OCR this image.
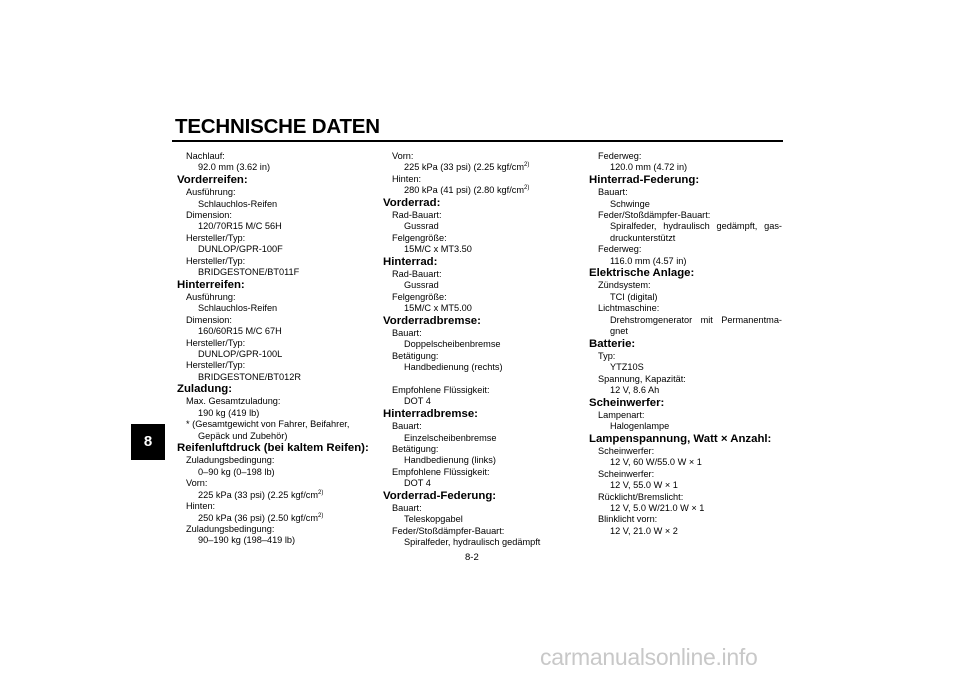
TECHNISCHE DATEN
8
Nachlauf:
92.0 mm (3.62 in)
Vorderreifen:
Ausführung:
Schlauchlos-Reifen
Dimension:
120/70R15 M/C 56H
Hersteller/Typ:
DUNLOP/GPR-100F
Hersteller/Typ:
BRIDGESTONE/BT011F
Hinterreifen:
Ausführung:
Schlauchlos-Reifen
Dimension:
160/60R15 M/C 67H
Hersteller/Typ:
DUNLOP/GPR-100L
Hersteller/Typ:
BRIDGESTONE/BT012R
Zuladung:
Max. Gesamtzuladung:
190 kg (419 lb)
* (Gesamtgewicht von Fahrer, Beifahrer,
Gepäck und Zubehör)
Reifenluftdruck (bei kaltem Reifen):
Zuladungsbedingung:
0–90 kg (0–198 lb)
Vorn:
225 kPa (33 psi) (2.25 kgf/$cm^{2)}$
Hinten:
250 kPa (36 psi) (2.50 kgf/$cm^{2)}$
Zuladungsbedingung:
90–190 kg (198–419 lb)
Vorn:
225 kPa (33 psi) (2.25 kgf/$cm^{2)}$
Hinten:
280 kPa (41 psi) (2.80 kgf/$cm^{2)}$
Vorderrad:
Rad-Bauart:
Gussrad
Felgengröße:
15M/C x MT3.50
Hinterrad:
Rad-Bauart:
Gussrad
Felgengröße:
15M/C x MT5.00
Vorderradbremse:
Bauart:
Doppelscheibenbremse
Betätigung:
Handbedienung (rechts)
Empfohlene Flüssigkeit:
DOT 4
Hinterradbremse:
Bauart:
Einzelscheibenbremse
Betätigung:
Handbedienung (links)
Empfohlene Flüssigkeit:
DOT 4
Vorderrad-Federung:
Bauart:
Teleskopgabel
Feder/Stoßdämpfer-Bauart:
Spiralfeder, hydraulisch gedämpft
Federweg:
120.0 mm (4.72 in)
Hinterrad-Federung:
Bauart:
Schwinge
Feder/Stoßdämpfer-Bauart:
Spiralfeder, hydraulisch gedämpft, gas-druckunterstützt
Federweg:
116.0 mm (4.57 in)
Elektrische Anlage:
Zündsystem:
TCI (digital)
Lichtmaschine:
Drehstromgenerator mit Permanentma-gnet
Batterie:
Typ:
YTZ10S
Spannung, Kapazität:
12 V, 8.6 Ah
Scheinwerfer:
Lampenart:
Halogenlampe
Lampenspannung, Watt × Anzahl:
Scheinwerfer:
12 V, 60 W/55.0 W × 1
Scheinwerfer:
12 V, 55.0 W × 1
Rücklicht/Bremslicht:
12 V, 5.0 W/21.0 W × 1
Blinklicht vorn:
12 V, 21.0 W × 2
8-2
carmanualsonline.info
